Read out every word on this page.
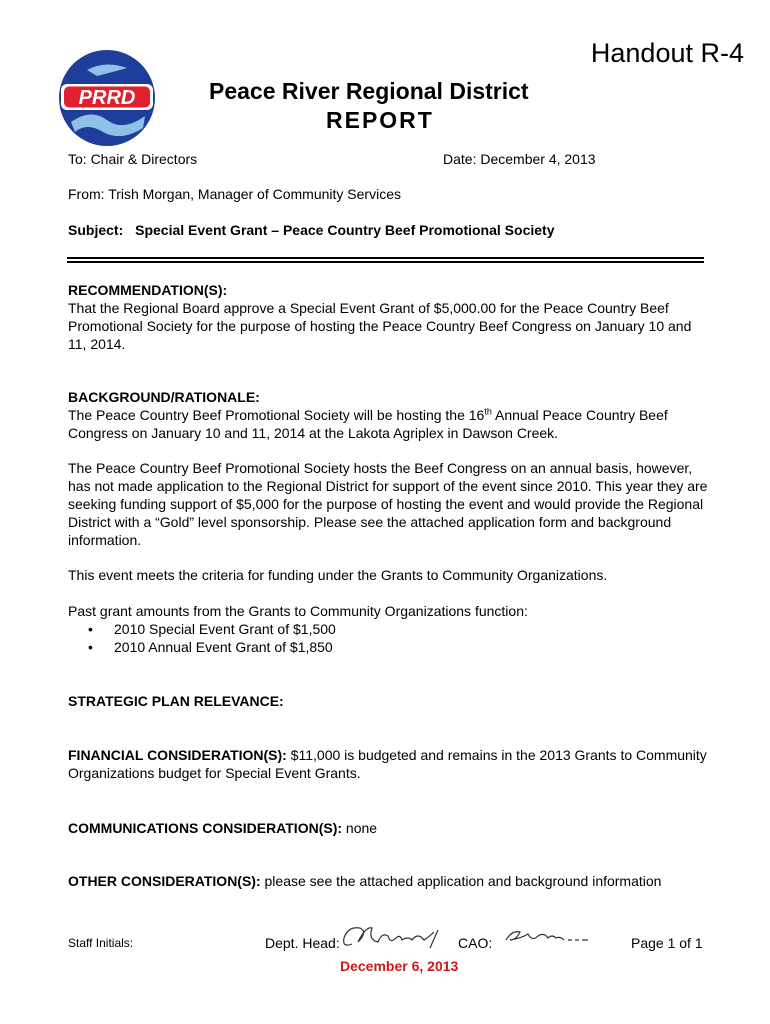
Handout R-4
PRRD	Peace River Regional District
REPORT
To: Chair & Directors	Date: December 4, 2013
From: Trish Morgan, Manager of Community Services
Subject: Special Event Grant – Peace Country Beef Promotional Society

RECOMMENDATION(S):

That the Regional Board approve a Special Event Grant of $5,000.00 for the Peace Country Beef Promotional Society for the purpose of hosting the Peace Country Beef Congress on January 10 and 11, 2014.

BACKGROUND/RATIONALE:

The Peace Country Beef Promotional Society will be hosting the 16th Annual Peace Country Beef Congress on January 10 and 11, 2014 at the Lakota Agriplex in Dawson Creek.

The Peace Country Beef Promotional Society hosts the Beef Congress on an annual basis, however, has not made application to the Regional District for support of the event since 2010. This year they are seeking funding support of $5,000 for the purpose of hosting the event and would provide the Regional District with a “Gold” level sponsorship. Please see the attached application form and background information.
This event meets the criteria for funding under the Grants to Community Organizations.

Past grant amounts from the Grants to Community Organizations function:

• 2010 Special Event Grant of $1,500
• 2010 Annual Event Grant of $1,850
STRATEGIC PLAN RELEVANCE:
FINANCIAL CONSIDERATION(S): $11,000 is budgeted and remains in the 2013 Grants to Community Organizations budget for Special Event Grants.
COMMUNICATIONS CONSIDERATION(S): none
OTHER CONSIDERATION(S): please see the attached application and background information
Staff Initials:	Dept. Head:	CAO:	Page 1 of 1
December 6, 2013
